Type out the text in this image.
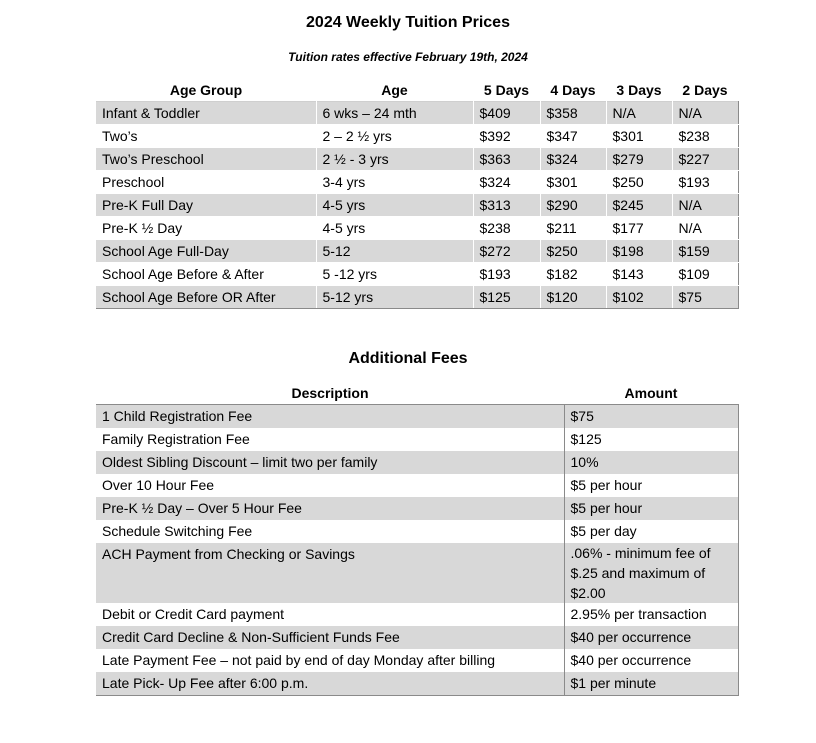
2024 Weekly Tuition Prices
Tuition rates effective February 19th, 2024
Age Group	Age	5 Days	4 Days	3 Days	2 Days
Infant & Toddler	6 wks – 24 mth	$409	$358	N/A	N/A
Two’s	2 – 2 ½ yrs	$392	$347	$301	$238
Two’s Preschool	2 ½ - 3 yrs	$363	$324	$279	$227
Preschool	3-4 yrs	$324	$301	$250	$193
Pre-K Full Day	4-5 yrs	$313	$290	$245	N/A
Pre-K ½ Day	4-5 yrs	$238	$211	$177	N/A
School Age Full-Day	5-12	$272	$250	$198	$159
School Age Before & After	5 -12 yrs	$193	$182	$143	$109
School Age Before OR After	5-12 yrs	$125	$120	$102	$75
Additional Fees
Description	Amount
1 Child Registration Fee	$75
Family Registration Fee	$125
Oldest Sibling Discount – limit two per family	10%
Over 10 Hour Fee	$5 per hour
Pre-K ½ Day – Over 5 Hour Fee	$5 per hour
Schedule Switching Fee	$5 per day
ACH Payment from Checking or Savings	.06% - minimum fee of $.25 and maximum of $2.00
Debit or Credit Card payment	2.95% per transaction
Credit Card Decline & Non-Sufficient Funds Fee	$40 per occurrence
Late Payment Fee – not paid by end of day Monday after billing	$40 per occurrence
Late Pick- Up Fee after 6:00 p.m.	$1 per minute
